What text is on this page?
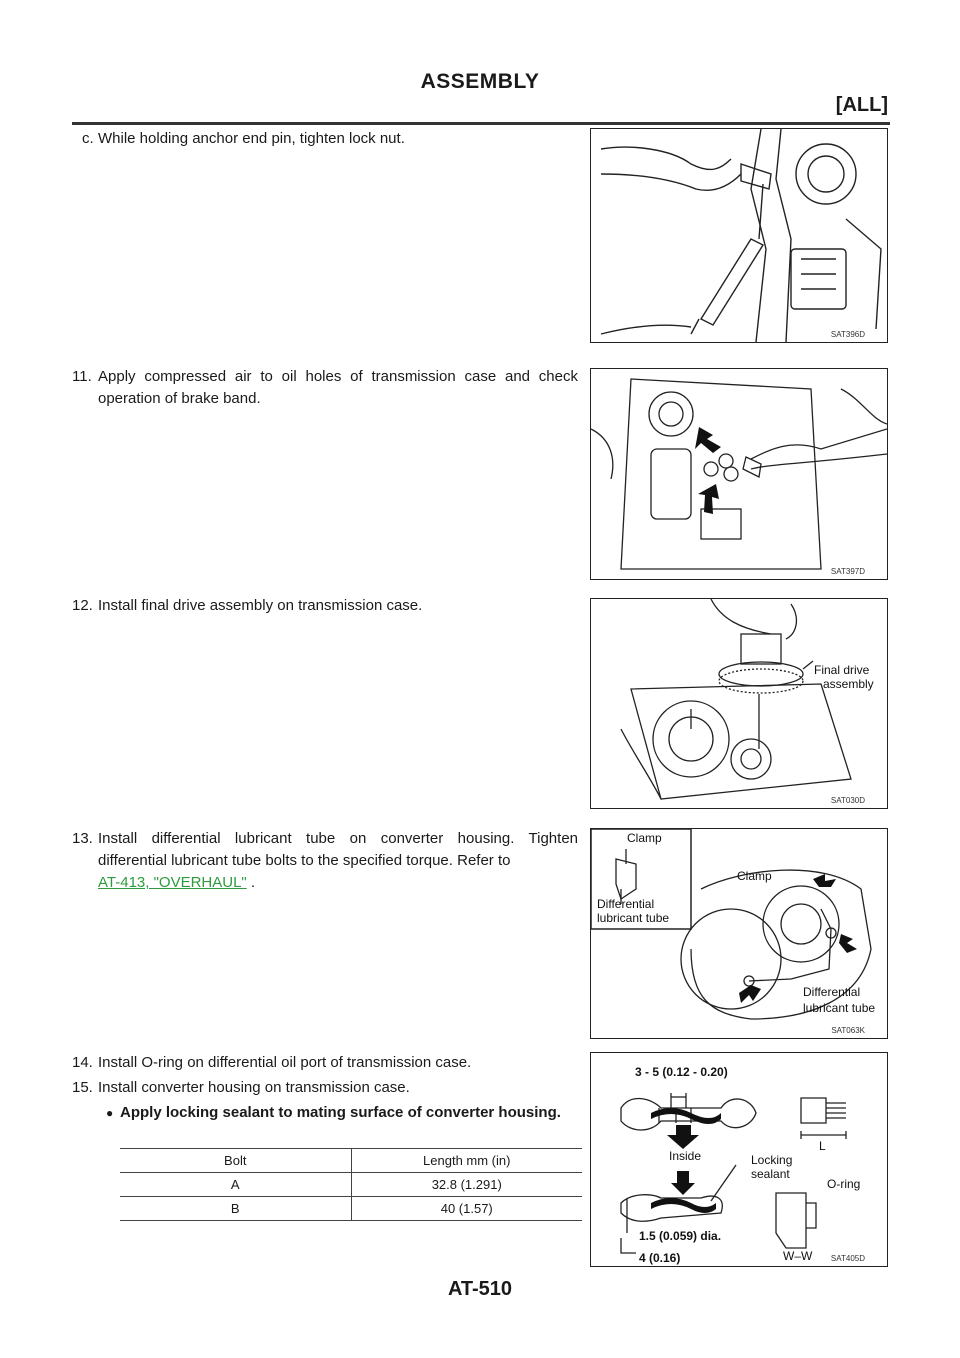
ASSEMBLY
[ALL]
c. While holding anchor end pin, tighten lock nut.
11. Apply compressed air to oil holes of transmission case and check operation of brake band.
12. Install final drive assembly on transmission case.
13. Install differential lubricant tube on converter housing. Tighten differential lubricant tube bolts to the specified torque. Refer to
AT-413, "OVERHAUL" .
14. Install O-ring on differential oil port of transmission case.
15. Install converter housing on transmission case.
● Apply locking sealant to mating surface of converter housing.
Bolt	Length mm (in)
A	32.8 (1.291)
B	40 (1.57)
SAT396D
SAT397D
Final drive
assembly
SAT030D
Clamp
Differential
lubricant tube
Clamp
Differential
lubricant tube
SAT063K
3 - 5 (0.12 - 0.20)
Inside	Locking
sealant
L
O-ring
1.5 (0.059) dia.
4 (0.16)	W–W SAT405D
AT-510
